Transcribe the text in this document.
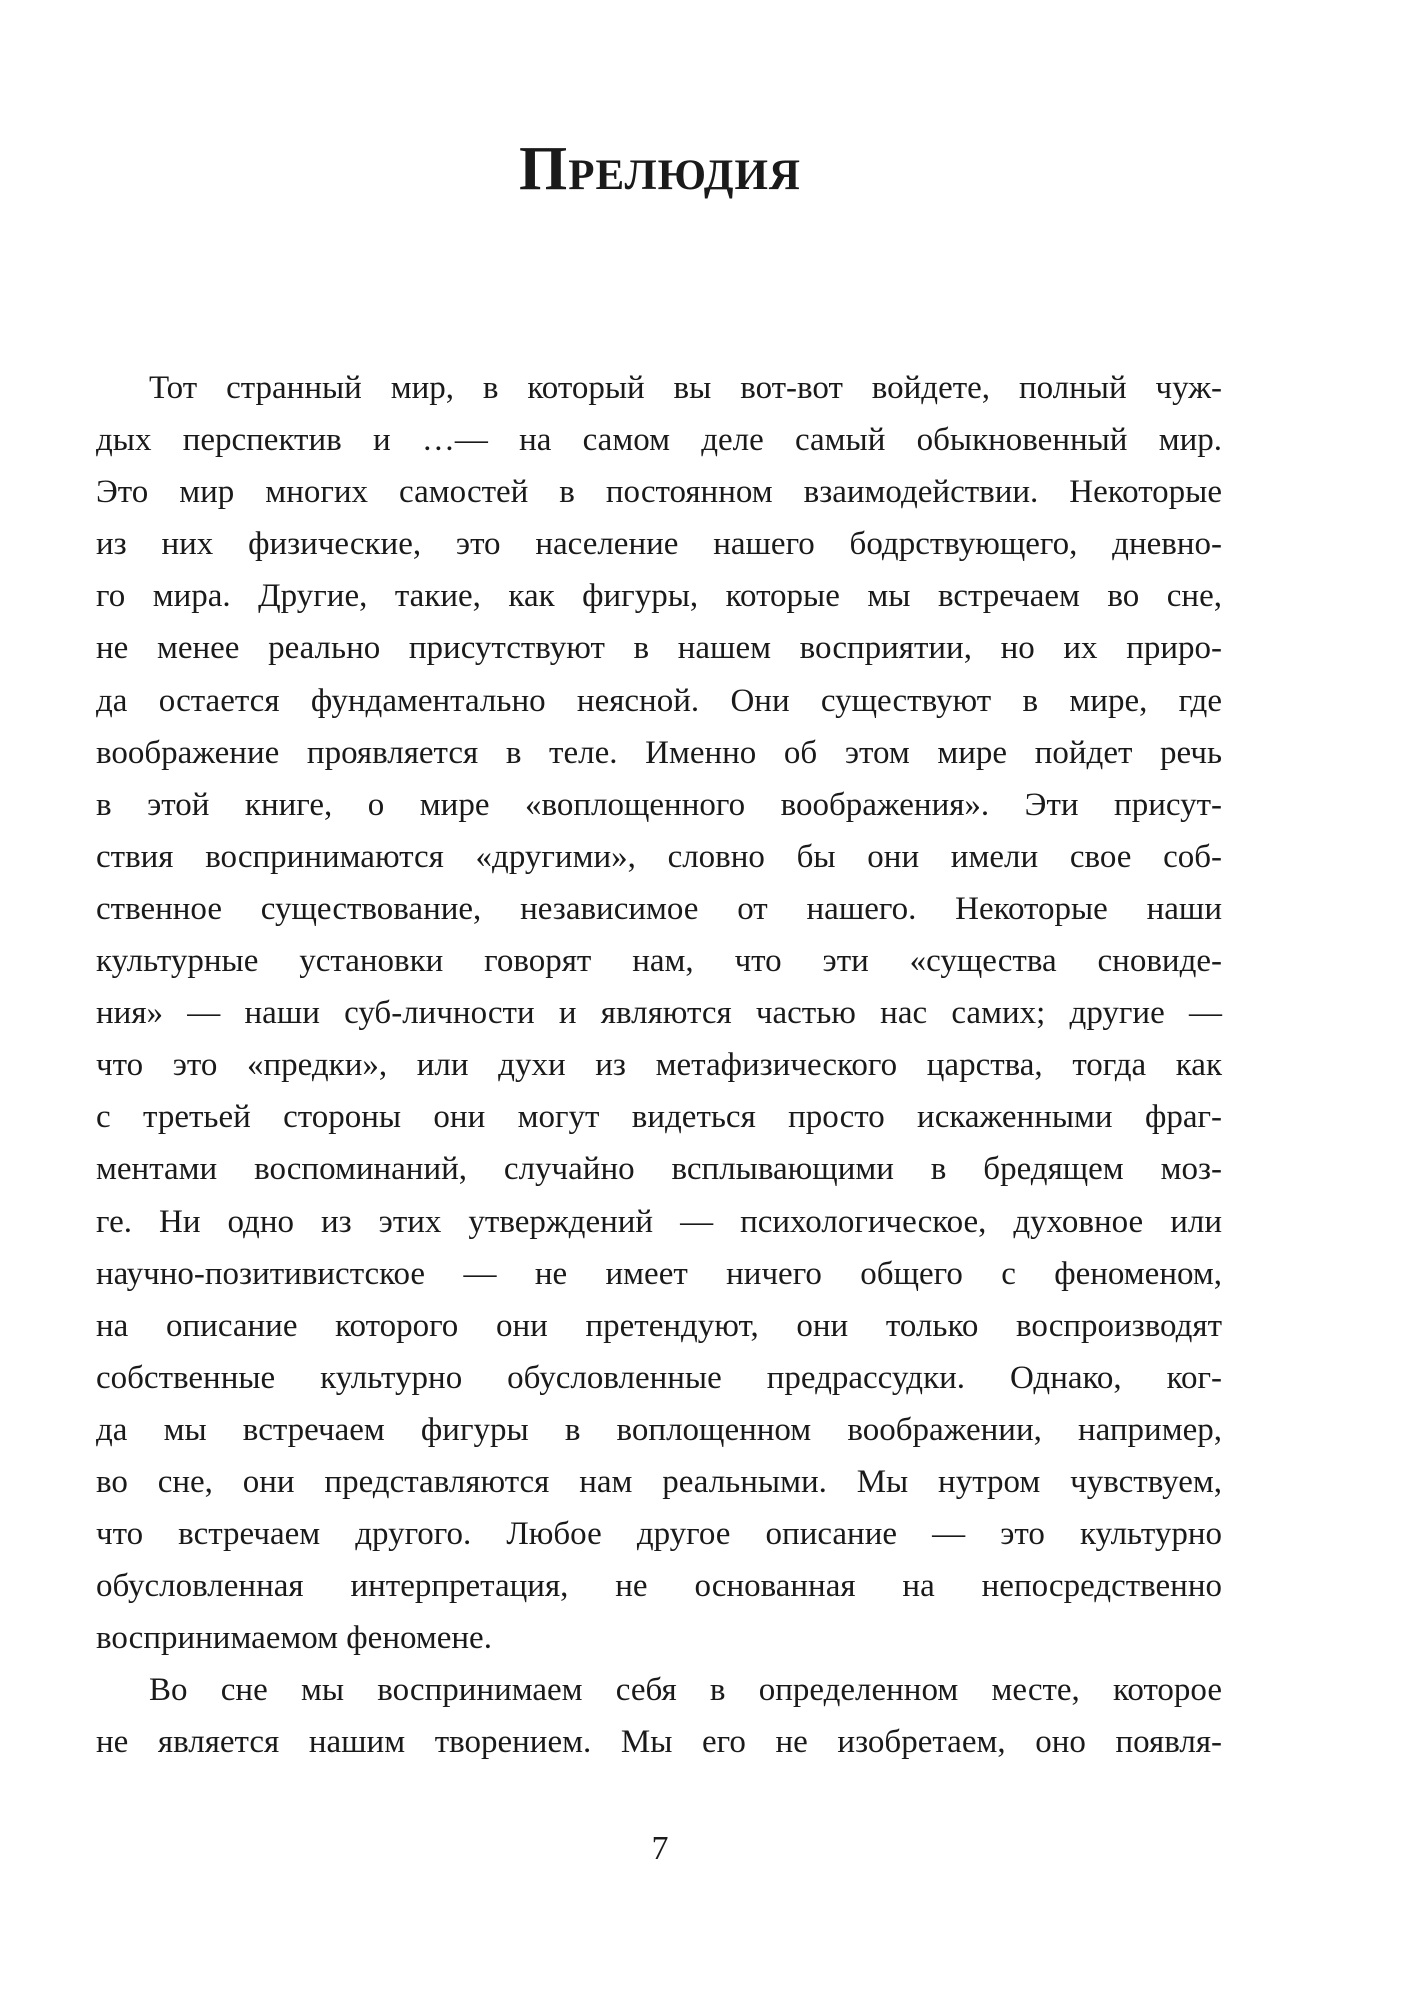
Прелюдия

Тот странный мир, в который вы вот-вот войдете, полный чуж-
дых перспектив и …— на самом деле самый обыкновенный мир.
Это мир многих самостей в постоянном взаимодействии. Некоторые
из них физические, это население нашего бодрствующего, дневно-
го мира. Другие, такие, как фигуры, которые мы встречаем во сне,
не менее реально присутствуют в нашем восприятии, но их приро-
да остается фундаментально неясной. Они существуют в мире, где
воображение проявляется в теле. Именно об этом мире пойдет речь
в этой книге, о мире «воплощенного воображения». Эти присут-
ствия воспринимаются «другими», словно бы они имели свое соб-
ственное существование, независимое от нашего. Некоторые наши
культурные установки говорят нам, что эти «существа сновиде-
ния» — наши суб-личности и являются частью нас самих; другие —
что это «предки», или духи из метафизического царства, тогда как
с третьей стороны они могут видеться просто искаженными фраг-
ментами воспоминаний, случайно всплывающими в бредящем моз-
ге. Ни одно из этих утверждений — психологическое, духовное или
научно-позитивистское — не имеет ничего общего с феноменом,
на описание которого они претендуют, они только воспроизводят
собственные культурно обусловленные предрассудки. Однако, ког-
да мы встречаем фигуры в воплощенном воображении, например,
во сне, они представляются нам реальными. Мы нутром чувствуем,
что встречаем другого. Любое другое описание — это культурно
обусловленная интерпретация, не основанная на непосредственно
воспринимаемом феномене.

Во сне мы воспринимаем себя в определенном месте, которое
не является нашим творением. Мы его не изобретаем, оно появля-

7
